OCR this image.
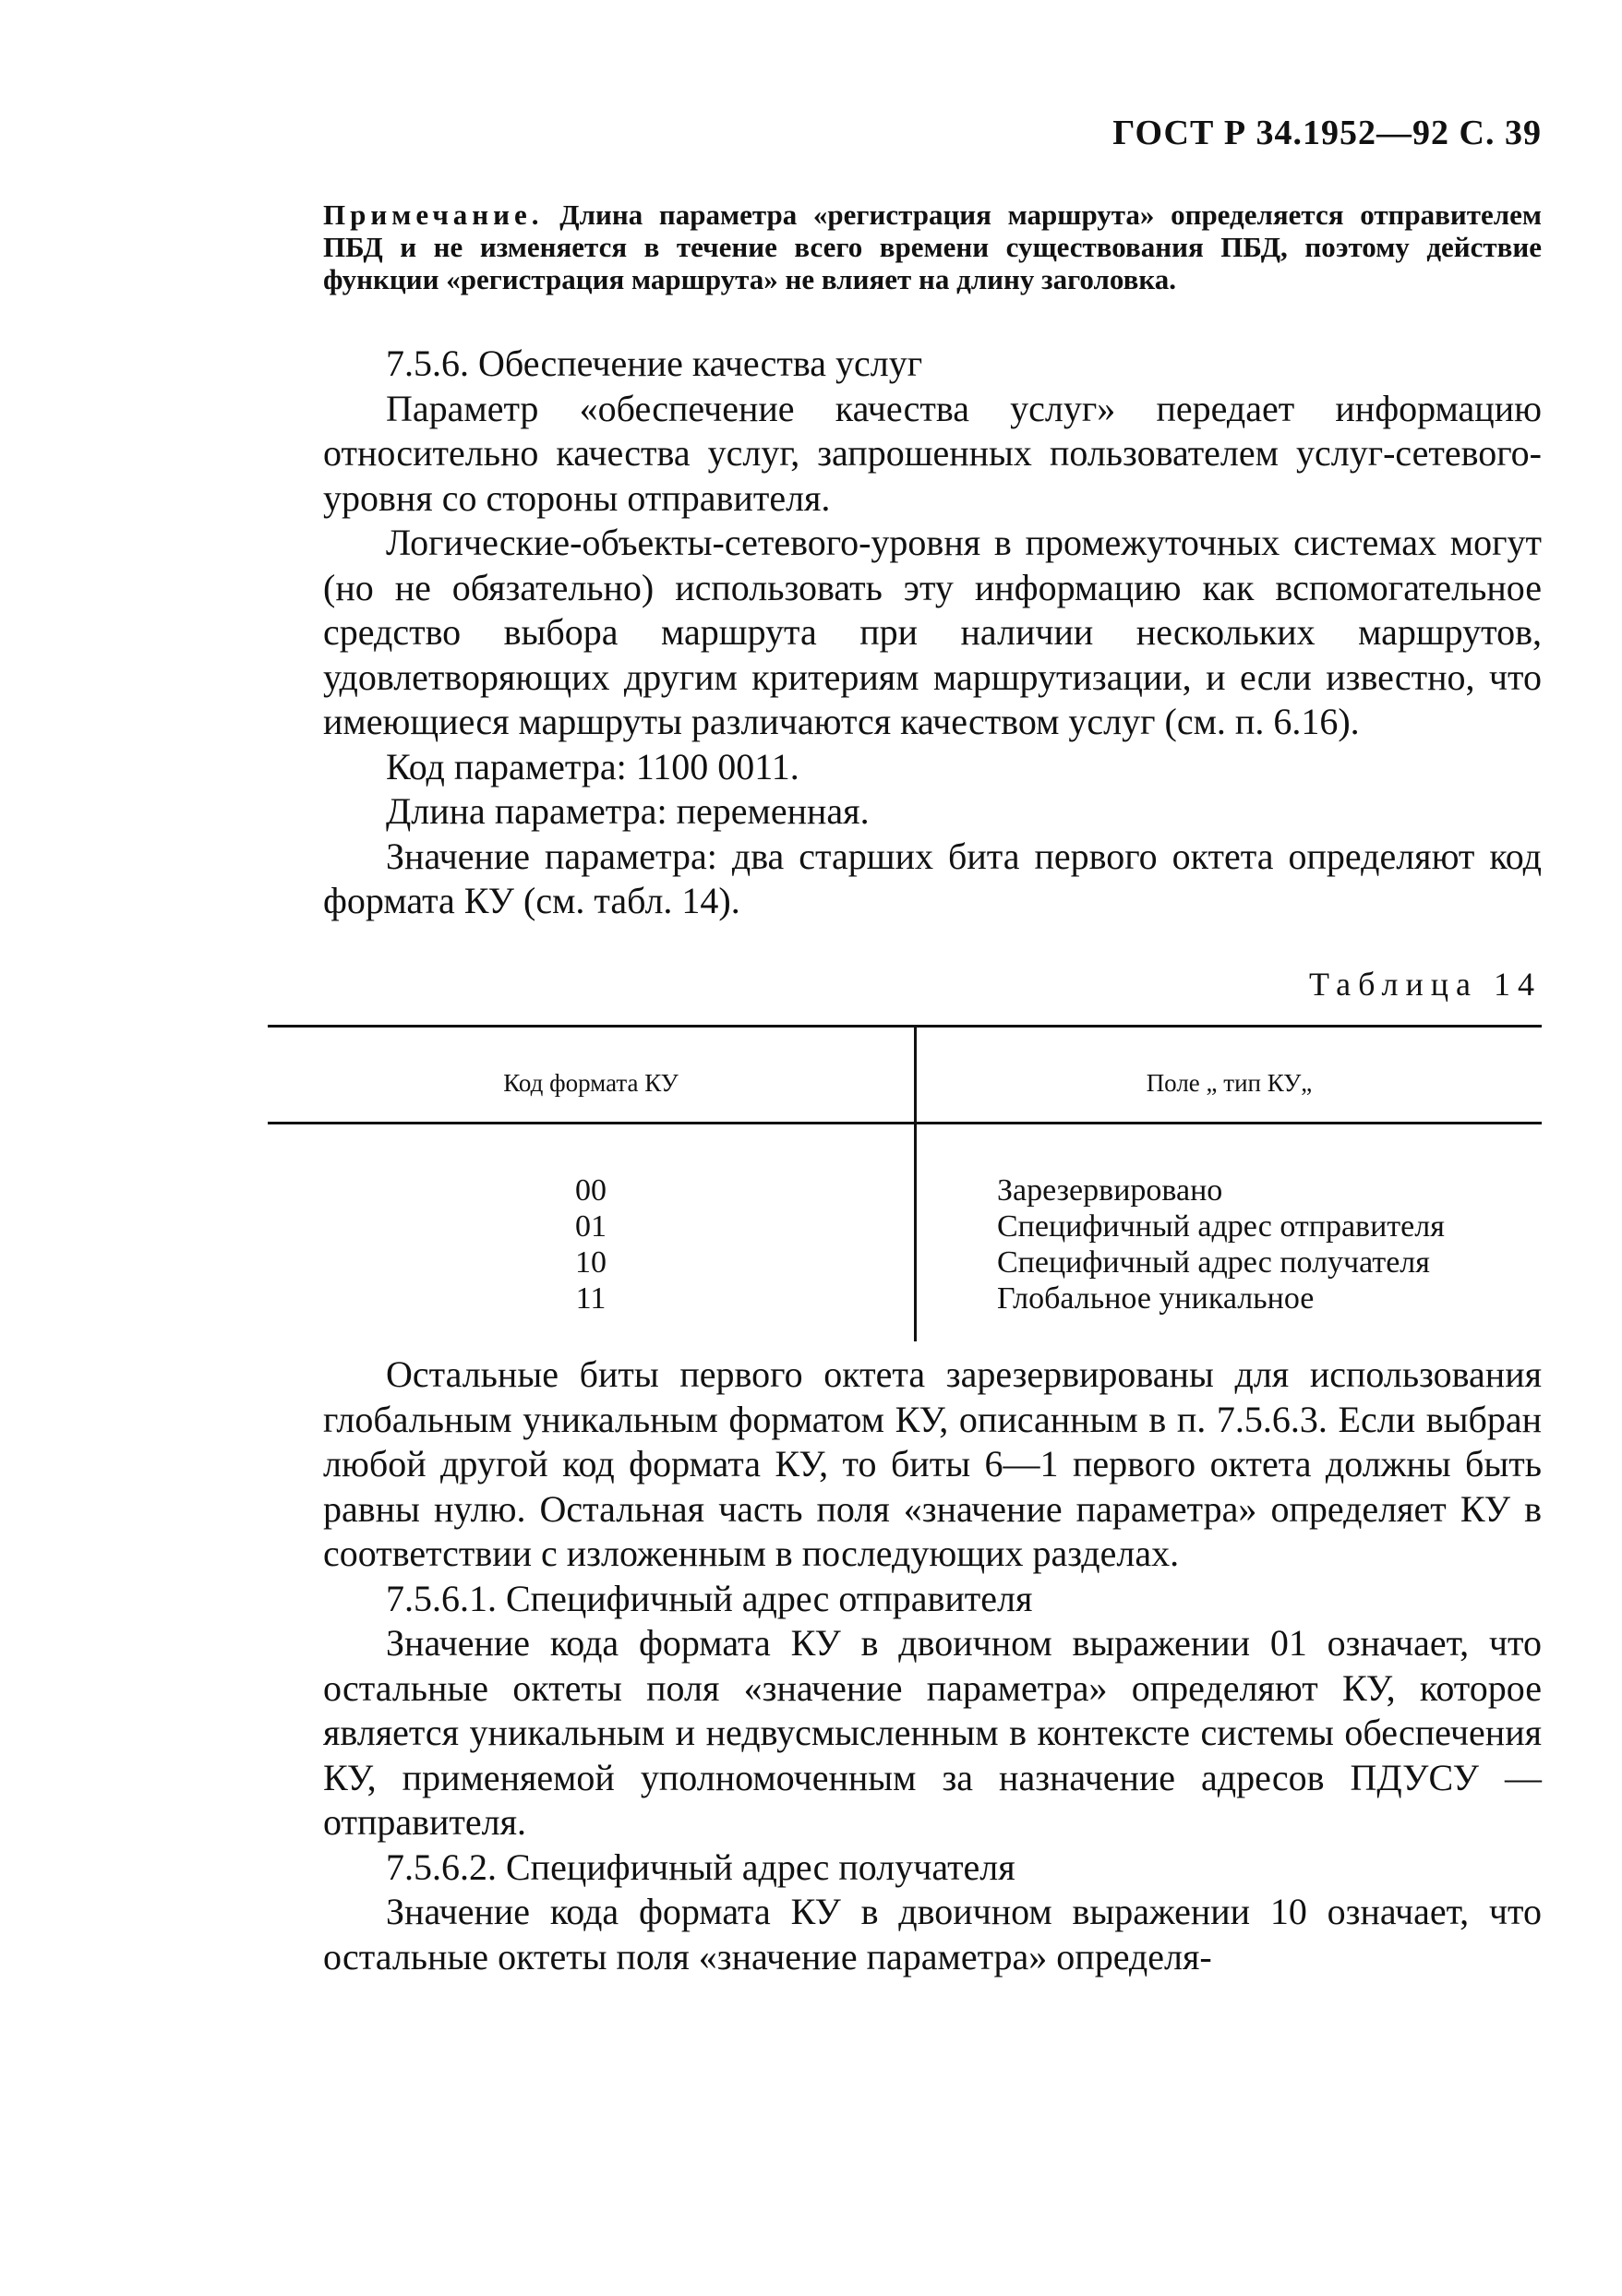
ГОСТ Р 34.1952—92 С. 39
Примечание. Длина параметра «регистрация маршрута» определяется отправителем ПБД и не изменяется в течение всего времени существования ПБД, поэтому действие функции «регистрация маршрута» не влияет на длину заголовка.

7.5.6. Обеспечение качества услуг

Параметр «обеспечение качества услуг» передает информацию относительно качества услуг, запрошенных пользователем услуг-сетевого-уровня со стороны отправителя.

Логические-объекты-сетевого-уровня в промежуточных системах могут (но не обязательно) использовать эту информацию как вспомогательное средство выбора маршрута при наличии нескольких маршрутов, удовлетворяющих другим критериям маршрутизации, и если известно, что имеющиеся маршруты различаются качеством услуг (см. п. 6.16).

Код параметра: 1100 0011.

Длина параметра: переменная.

Значение параметра: два старших бита первого октета определяют код формата КУ (см. табл. 14).

Таблица 14
Код формата КУ	Поле „ тип КУ„
00
01
10
11
Зарезервировано
Специфичный адрес отправителя
Специфичный адрес получателя
Глобальное уникальное

Остальные биты первого октета зарезервированы для использования глобальным уникальным форматом КУ, описанным в п. 7.5.6.3. Если выбран любой другой код формата КУ, то биты 6—1 первого октета должны быть равны нулю. Остальная часть поля «значение параметра» определяет КУ в соответствии с изложенным в последующих разделах.

7.5.6.1. Специфичный адрес отправителя

Значение кода формата КУ в двоичном выражении 01 означает, что остальные октеты поля «значение параметра» определяют КУ, которое является уникальным и недвусмысленным в контексте системы обеспечения КУ, применяемой уполномоченным за назначение адресов ПДУСУ — отправителя.

7.5.6.2. Специфичный адрес получателя

Значение кода формата КУ в двоичном выражении 10 означает, что остальные октеты поля «значение параметра» определя-
